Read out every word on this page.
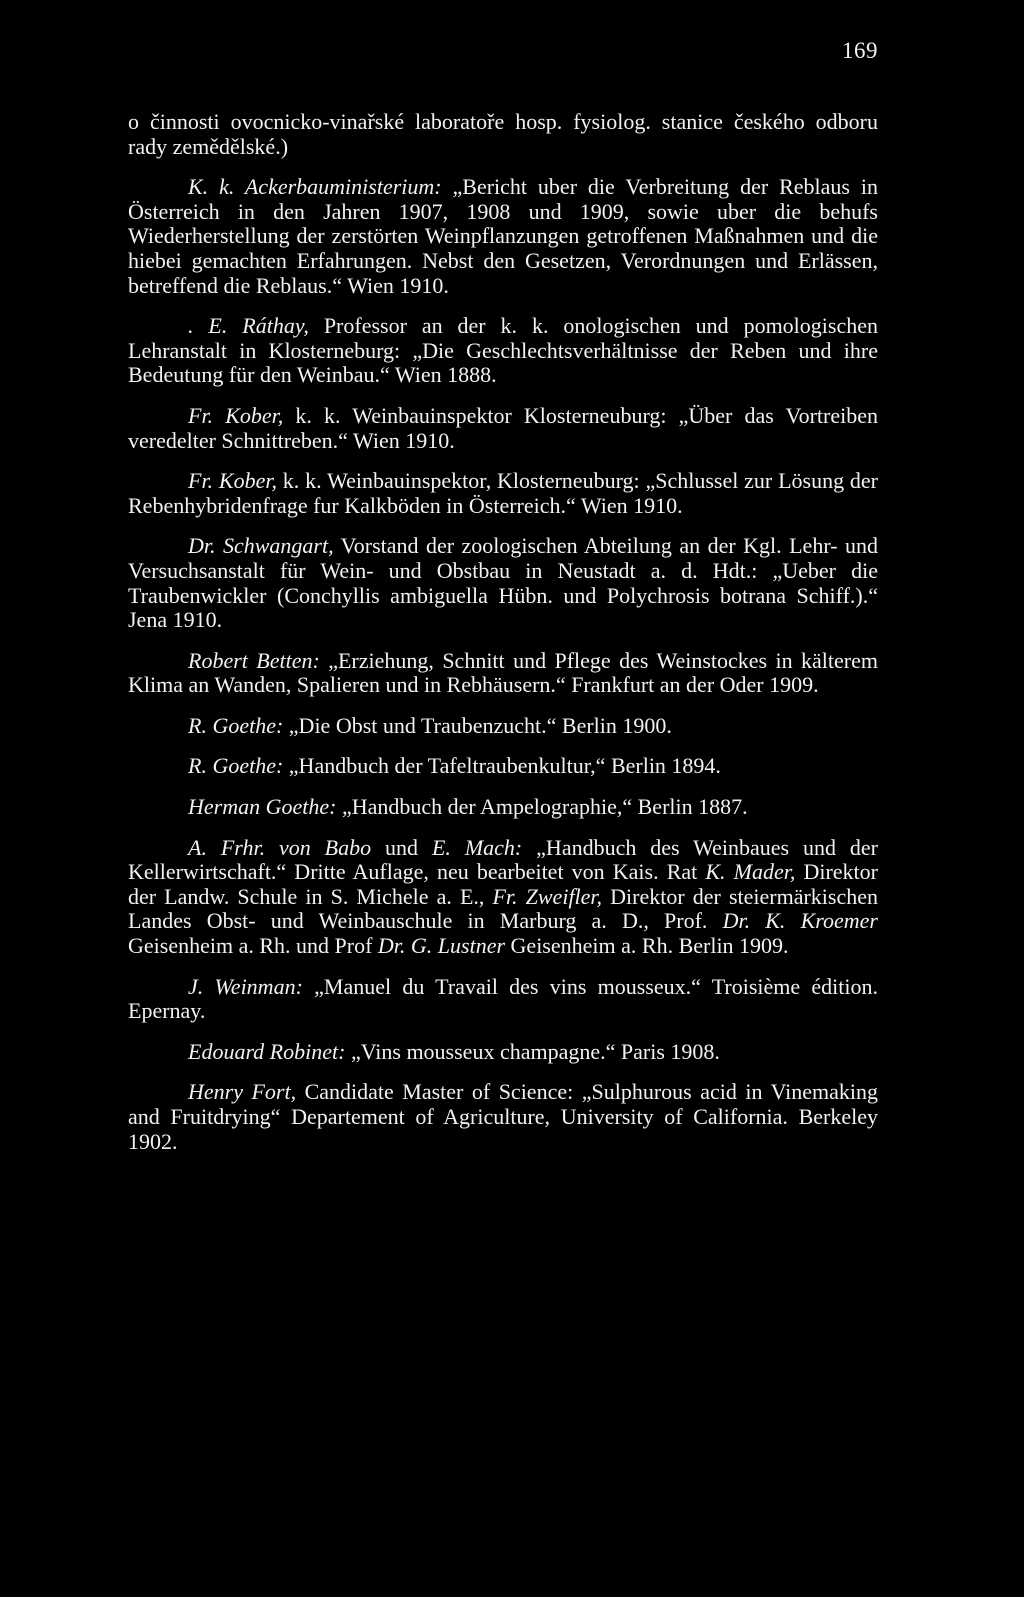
169

o činnosti ovocnicko-vinařské laboratoře hosp. fysiolog. stanice českého odboru rady zemědělské.)

K. k. Ackerbauministerium: „Bericht uber die Verbreitung der Reblaus in Österreich in den Jahren 1907, 1908 und 1909, sowie uber die behufs Wiederherstellung der zerstörten Weinpflanzungen getroffenen Maßnahmen und die hiebei gemachten Erfahrungen. Nebst den Gesetzen, Verordnungen und Erlässen, betreffend die Reblaus.“ Wien 1910.

. E. Ráthay, Professor an der k. k. onologischen und pomologischen Lehranstalt in Klosterneburg: „Die Geschlechtsverhältnisse der Reben und ihre Bedeutung für den Weinbau.“ Wien 1888.

Fr. Kober, k. k. Weinbauinspektor Klosterneuburg: „Über das Vortreiben veredelter Schnittreben.“ Wien 1910.

Fr. Kober, k. k. Weinbauinspektor, Klosterneuburg: „Schlussel zur Lösung der Rebenhybridenfrage fur Kalkböden in Österreich.“ Wien 1910.

Dr. Schwangart, Vorstand der zoologischen Abteilung an der Kgl. Lehr- und Versuchsanstalt für Wein- und Obstbau in Neustadt a. d. Hdt.: „Ueber die Traubenwickler (Conchyllis ambiguella Hübn. und Polychrosis botrana Schiff.).“ Jena 1910.

Robert Betten: „Erziehung, Schnitt und Pflege des Weinstockes in kälterem Klima an Wanden, Spalieren und in Rebhäusern.“ Frankfurt an der Oder 1909.

R. Goethe: „Die Obst und Traubenzucht.“ Berlin 1900.

R. Goethe: „Handbuch der Tafeltraubenkultur,“ Berlin 1894.

Herman Goethe: „Handbuch der Ampelographie,“ Berlin 1887.

A. Frhr. von Babo und E. Mach: „Handbuch des Weinbaues und der Kellerwirtschaft.“ Dritte Auflage, neu bearbeitet von Kais. Rat K. Mader, Direktor der Landw. Schule in S. Michele a. E., Fr. Zweifler, Direktor der steiermärkischen Landes Obst- und Weinbauschule in Marburg a. D., Prof. Dr. K. Kroemer Geisenheim a. Rh. und Prof Dr. G. Lustner Geisenheim a. Rh. Berlin 1909.

J. Weinman: „Manuel du Travail des vins mousseux.“ Troisième édition. Epernay.

Edouard Robinet: „Vins mousseux champagne.“ Paris 1908.

Henry Fort, Candidate Master of Science: „Sulphurous acid in Vinemaking and Fruitdrying“ Departement of Agriculture, University of California. Berkeley 1902.
